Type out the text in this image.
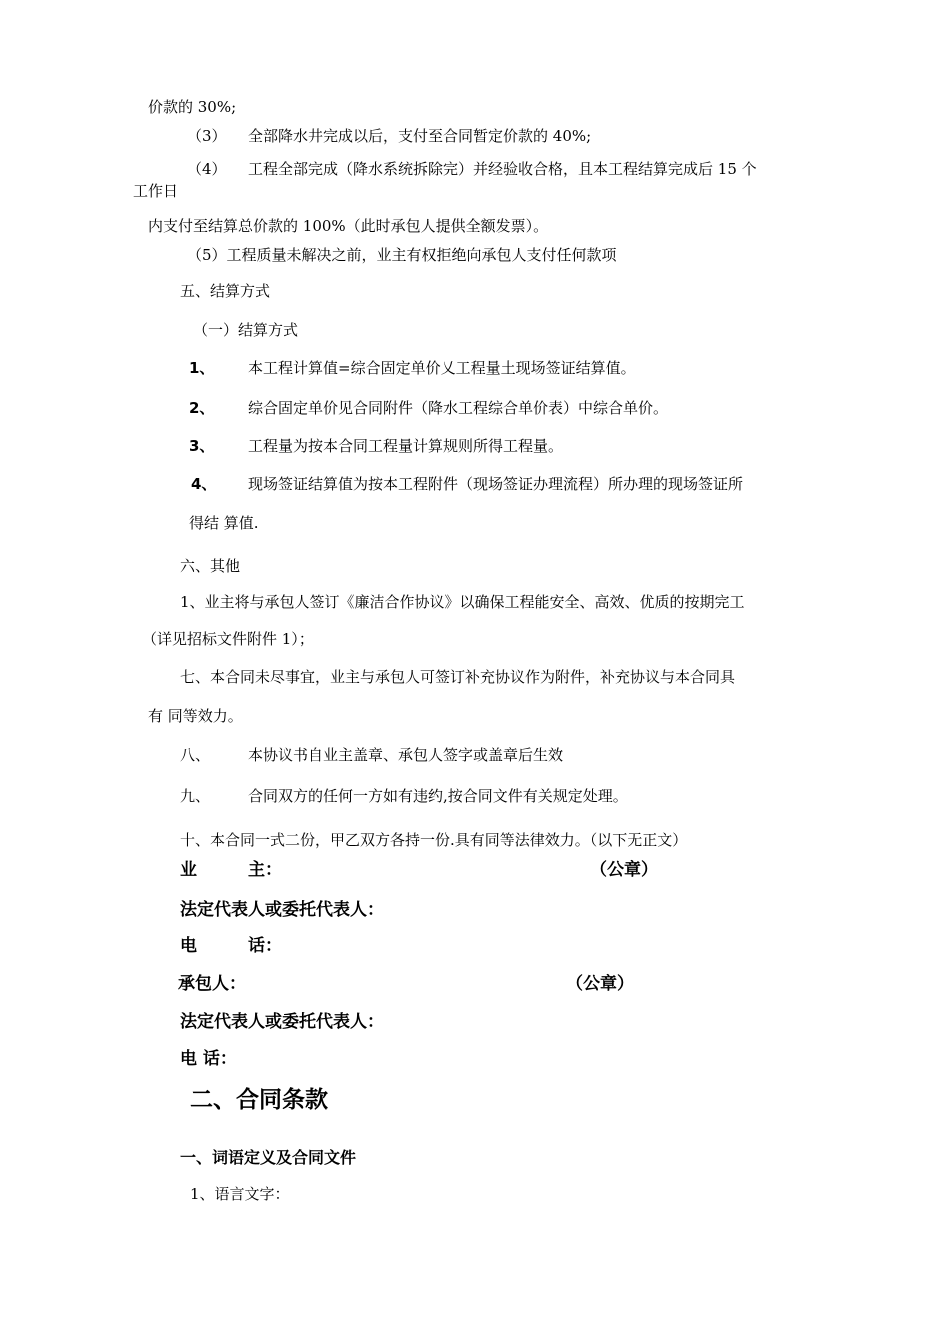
价款的 30%;
（3） 全部降水井完成以后，支付至合同暂定价款的 40%;
（4） 工程全部完成（降水系统拆除完）并经验收合格，且本工程结算完成后 15 个
工作日
内支付至结算总价款的 100%（此时承包人提供全额发票）。
（5）工程质量未解决之前，业主有权拒绝向承包人支付任何款项
五、结算方式
（一）结算方式
1、 本工程计算值=综合固定单价乂工程量土现场签证结算值。
2、 综合固定单价见合同附件（降水工程综合单价表）中综合单价。
3、 工程量为按本合同工程量计算规则所得工程量。
4、 现场签证结算值为按本工程附件（现场签证办理流程）所办理的现场签证所
得结 算值.
六、其他
1、业主将与承包人签订《廉洁合作协议》以确保工程能安全、高效、优质的按期完工
（详见招标文件附件 1）；
七、本合同未尽事宜，业主与承包人可签订补充协议作为附件，补充协议与本合同具
有 同等效力。
八、	本协议书自业主盖章、承包人签字或盖章后生效
九、	合同双方的任何一方如有违约,按合同文件有关规定处理。
十、本合同一式二份，甲乙双方各持一份.具有同等法律效力。（以下无正文）
业	主：	（公章）
法定代表人或委托代表人：
电	话：
承包人：	（公章）
法定代表人或委托代表人：
电 话：
二、合同条款
一、词语定义及合同文件
1、语言文字：
